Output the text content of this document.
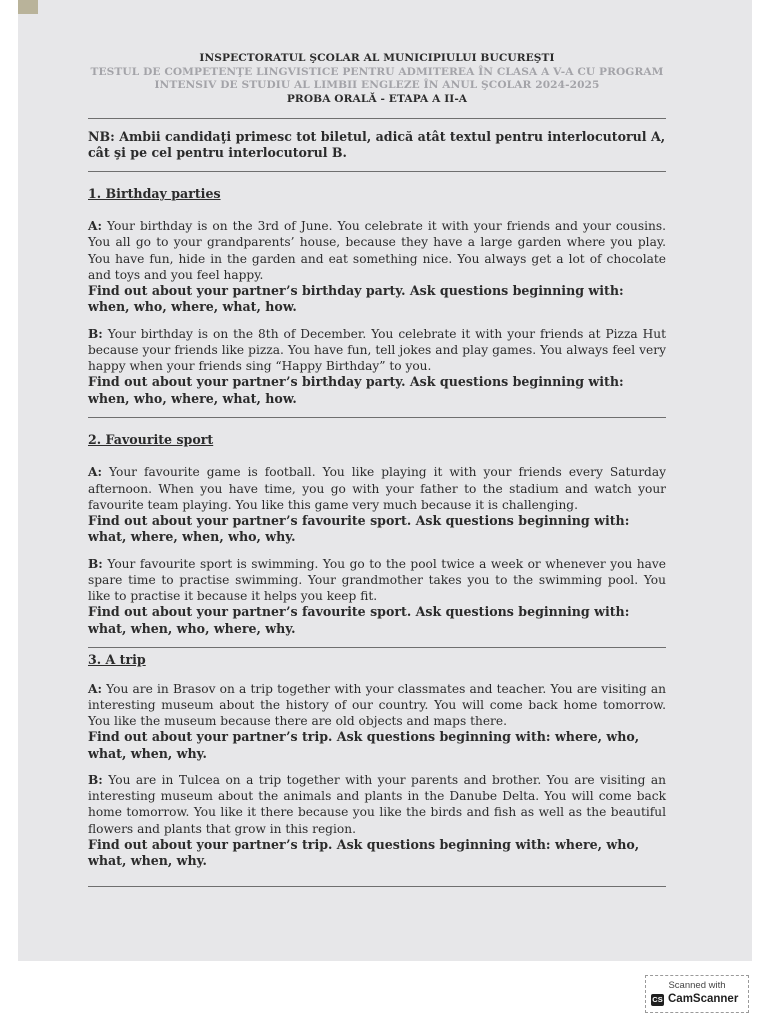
INSPECTORATUL ŞCOLAR AL MUNICIPIULUI BUCUREŞTI
TESTUL DE COMPETENŢE LINGVISTICE PENTRU ADMITEREA ÎN CLASA A V-A CU PROGRAM
INTENSIV DE STUDIU AL LIMBII ENGLEZE ÎN ANUL ŞCOLAR 2024-2025
PROBA ORALĂ - ETAPA A II-A
NB: Ambii candidaţi primesc tot biletul, adică atât textul pentru interlocutorul A, cât şi pe cel pentru interlocutorul B.
1. Birthday parties
A: Your birthday is on the 3rd of June. You celebrate it with your friends and your cousins. You all go to your grandparents’ house, because they have a large garden where you play. You have fun, hide in the garden and eat something nice. You always get a lot of chocolate and toys and you feel happy.
Find out about your partner’s birthday party. Ask questions beginning with: when, who, where, what, how.
B: Your birthday is on the 8th of December. You celebrate it with your friends at Pizza Hut because your friends like pizza. You have fun, tell jokes and play games. You always feel very happy when your friends sing “Happy Birthday” to you.
Find out about your partner’s birthday party. Ask questions beginning with: when, who, where, what, how.
2. Favourite sport
A: Your favourite game is football. You like playing it with your friends every Saturday afternoon. When you have time, you go with your father to the stadium and watch your favourite team playing. You like this game very much because it is challenging.
Find out about your partner’s favourite sport. Ask questions beginning with: what, where, when, who, why.
B: Your favourite sport is swimming. You go to the pool twice a week or whenever you have spare time to practise swimming. Your grandmother takes you to the swimming pool. You like to practise it because it helps you keep fit.
Find out about your partner’s favourite sport. Ask questions beginning with: what, when, who, where, why.
3. A trip
A: You are in Brasov on a trip together with your classmates and teacher. You are visiting an interesting museum about the history of our country. You will come back home tomorrow. You like the museum because there are old objects and maps there.
Find out about your partner’s trip. Ask questions beginning with: where, who, what, when, why.
B: You are in Tulcea on a trip together with your parents and brother. You are visiting an interesting museum about the animals and plants in the Danube Delta. You will come back home tomorrow. You like it there because you like the birds and fish as well as the beautiful flowers and plants that grow in this region.
Find out about your partner’s trip. Ask questions beginning with: where, who, what, when, why.
Scanned with
CS CamScanner
